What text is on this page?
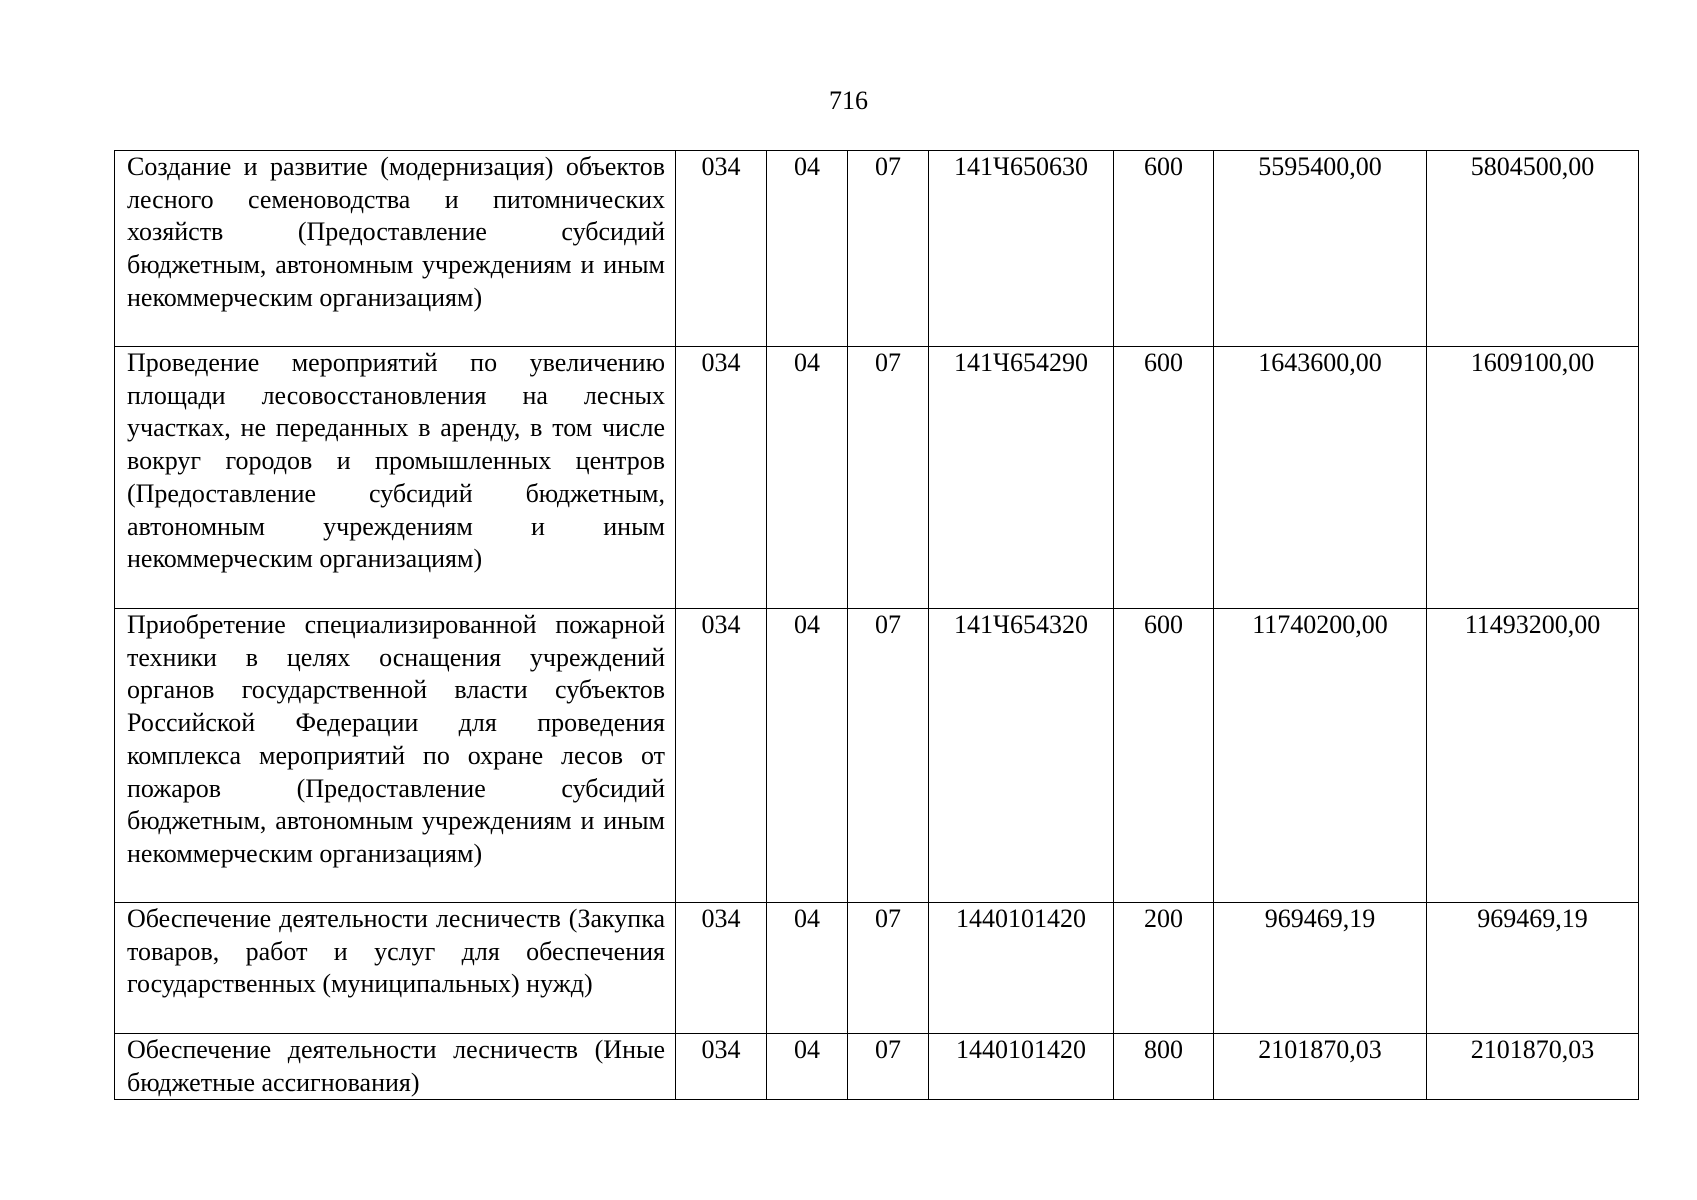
716
Создание и развитие (модернизация) объектов лесного семеноводства и питомнических хозяйств (Предоставление субсидий бюджетным, автономным учреждениям и иным некоммерческим организациям)	034	04	07	141Ч650630	600	5595400,00	5804500,00
Проведение мероприятий по увеличению площади лесовосстановления на лесных участках, не переданных в аренду, в том числе вокруг городов и промышленных центров (Предоставление субсидий бюджетным, автономным учреждениям и иным некоммерческим организациям)	034	04	07	141Ч654290	600	1643600,00	1609100,00
Приобретение специализированной пожарной техники в целях оснащения учреждений органов государственной власти субъектов Российской Федерации для проведения комплекса мероприятий по охране лесов от пожаров (Предоставление субсидий бюджетным, автономным учреждениям и иным некоммерческим организациям)	034	04	07	141Ч654320	600	11740200,00	11493200,00
Обеспечение деятельности лесничеств (Закупка товаров, работ и услуг для обеспечения государственных (муниципальных) нужд)	034	04	07	1440101420	200	969469,19	969469,19
Обеспечение деятельности лесничеств (Иные бюджетные ассигнования)	034	04	07	1440101420	800	2101870,03	2101870,03
